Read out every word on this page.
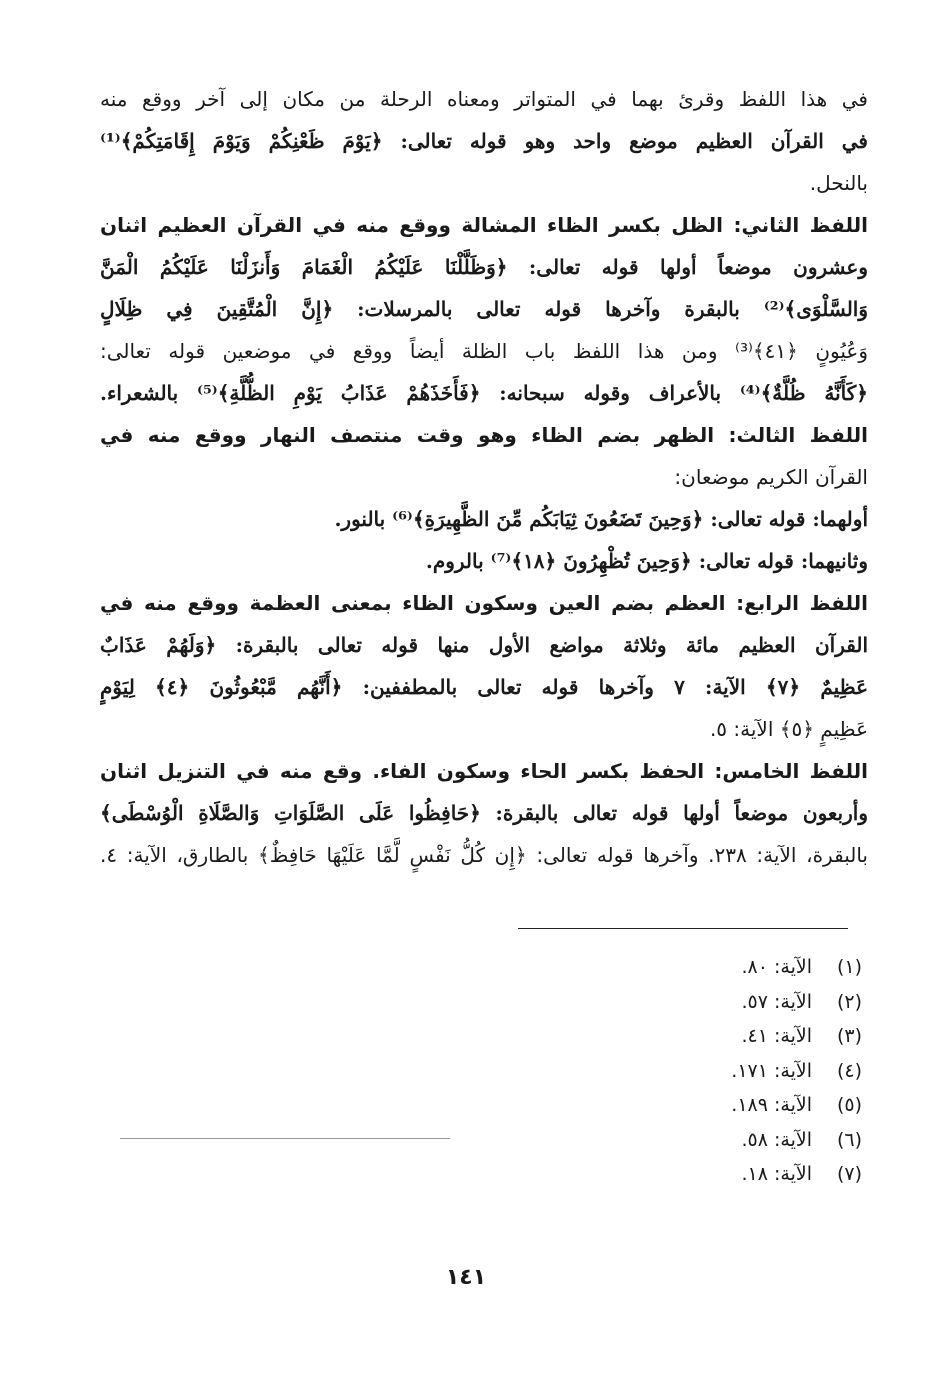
في هذا اللفظ وقرئ بهما في المتواتر ومعناه الرحلة من مكان إلى آخر ووقع منه
في القرآن العظيم موضع واحد وهو قوله تعالى: ﴿يَوْمَ ظَعْنِكُمْ وَيَوْمَ إِقَامَتِكُمْ﴾⁽¹⁾
بالنحل.
اللفظ الثاني: الظل بكسر الظاء المشالة ووقع منه في القرآن العظيم اثنان
وعشرون موضعاً أولها قوله تعالى: ﴿وَظَلَّلْنَا عَلَيْكُمُ الْغَمَامَ وَأَنزَلْنَا عَلَيْكُمُ الْمَنَّ
وَالسَّلْوَى﴾⁽²⁾ بالبقرة وآخرها قوله تعالى بالمرسلات: ﴿إِنَّ الْمُتَّقِينَ فِي ظِلَالٍ
وَعُيُونٍ ﴿٤١﴾⁽³⁾ ومن هذا اللفظ باب الظلة أيضاً ووقع في موضعين قوله تعالى:
﴿كَأَنَّهُ ظُلَّةٌ﴾⁽⁴⁾ بالأعراف وقوله سبحانه: ﴿فَأَخَذَهُمْ عَذَابُ يَوْمِ الظُّلَّةِ﴾⁽⁵⁾ بالشعراء.
اللفظ الثالث: الظهر بضم الظاء وهو وقت منتصف النهار ووقع منه في
القرآن الكريم موضعان:
أولهما: قوله تعالى: ﴿وَحِينَ تَضَعُونَ ثِيَابَكُم مِّنَ الظَّهِيرَةِ﴾⁽⁶⁾ بالنور.
وثانيهما: قوله تعالى: ﴿وَحِينَ تُظْهِرُونَ ﴿١٨﴾⁽⁷⁾ بالروم.
اللفظ الرابع: العظم بضم العين وسكون الظاء بمعنى العظمة ووقع منه في
القرآن العظيم مائة وثلاثة مواضع الأول منها قوله تعالى بالبقرة: ﴿وَلَهُمْ عَذَابٌ
عَظِيمٌ ﴿٧﴾ الآية: ٧ وآخرها قوله تعالى بالمطففين: ﴿أَنَّهُم مَّبْعُوثُونَ ﴿٤﴾ لِيَوْمٍ
عَظِيمٍ ﴿٥﴾ الآية: ٥.
اللفظ الخامس: الحفظ بكسر الحاء وسكون الفاء. وقع منه في التنزيل اثنان
وأربعون موضعاً أولها قوله تعالى بالبقرة: ﴿حَافِظُوا عَلَى الصَّلَوَاتِ وَالصَّلَاةِ الْوُسْطَى﴾
بالبقرة، الآية: ٢٣٨. وآخرها قوله تعالى: ﴿إِن كُلُّ نَفْسٍ لَّمَّا عَلَيْهَا حَافِظٌ﴾ بالطارق، الآية: ٤.
(١)
الآية: ٨٠.
(٢)
الآية: ٥٧.
(٣)
الآية: ٤١.
(٤)
الآية: ١٧١.
(٥)
الآية: ١٨٩.
(٦)
الآية: ٥٨.
(٧)
الآية: ١٨.
١٤١
